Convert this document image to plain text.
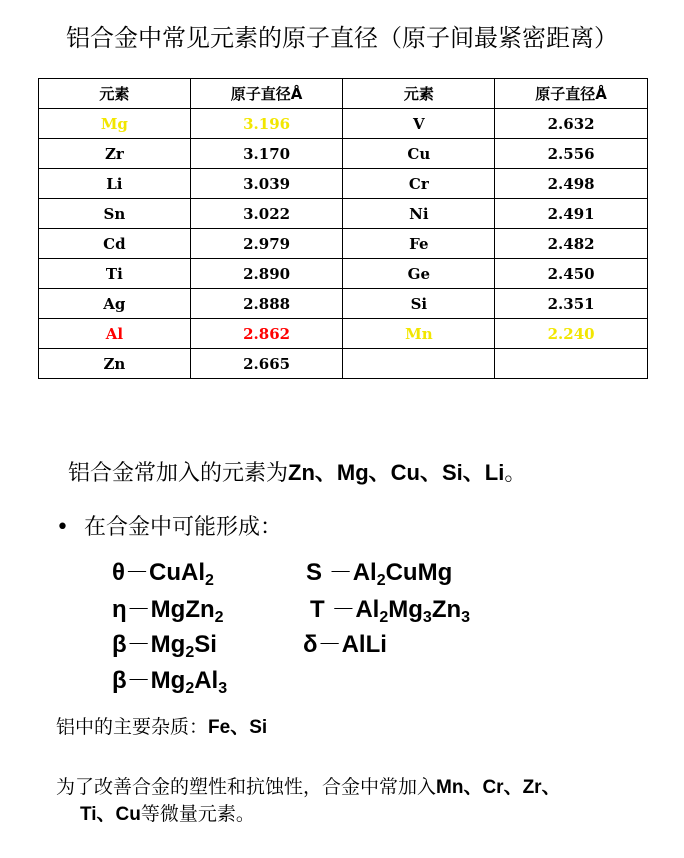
铝合金中常见元素的原子直径（原子间最紧密距离）
元素	原子直径Å	元素	原子直径Å
Mg	3.196	V	2.632
Zr	3.170	Cu	2.556
Li	3.039	Cr	2.498
Sn	3.022	Ni	2.491
Cd	2.979	Fe	2.482
Ti	2.890	Ge	2.450
Ag	2.888	Si	2.351
Al	2.862	Mn	2.240
Zn	2.665		
铝合金常加入的元素为Zn、Mg、Cu、Si、Li。
• 在合金中可能形成：
θ－CuAl$_2$	$S -Al_2CuMg$
η－MgZn$_2$	$T -Al_2Mg_3Zn_3$
$\beta-Mg_2Si$	δ－AlLi
$\beta-Mg_2Al_3$
铝中的主要杂质：Fe、Si
为了改善合金的塑性和抗蚀性，合金中常加入Mn、Cr、Zr、
Ti、Cu等微量元素。
